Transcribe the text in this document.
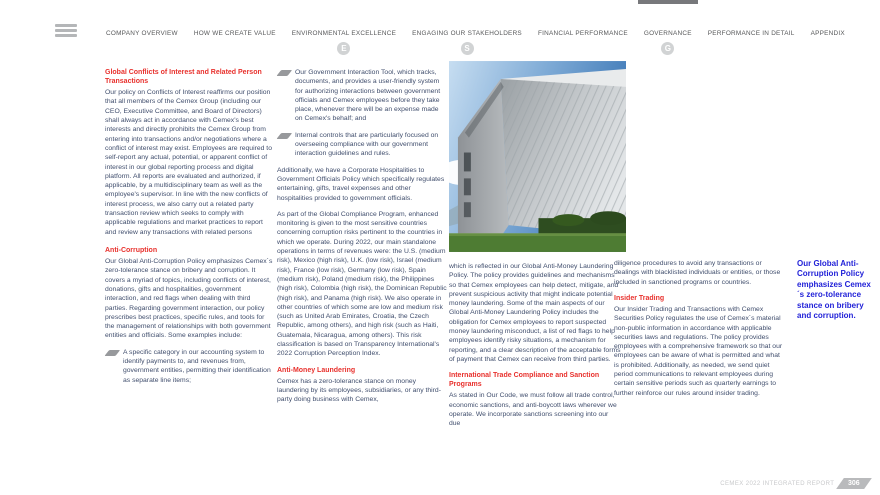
COMPANY OVERVIEW	HOW WE CREATE VALUE	ENVIRONMENTAL EXCELLENCE
E
ENGAGING OUR STAKEHOLDERS
S
FINANCIAL PERFORMANCE	GOVERNANCE
G
PERFORMANCE IN DETAIL	APPENDIX
Global Conflicts of Interest and Related Person Transactions

Our policy on Conflicts of Interest reaffirms our position that all members of the Cemex Group (including our CEO, Executive Committee, and Board of Directors) shall always act in accordance with Cemex's best interests and directly prohibits the Cemex Group from entering into transactions and/or negotiations where a conflict of interest may exist. Employees are required to self-report any actual, potential, or apparent conflict of interest in our global reporting process and digital platform. All reports are evaluated and authorized, if applicable, by a multidisciplinary team as well as the employee's supervisor. In line with the new conflicts of interest process, we also carry out a related party transaction review which seeks to comply with applicable regulations and market practices to report and review any transactions with related persons

Anti-Corruption

Our Global Anti-Corruption Policy emphasizes Cemex´s zero-tolerance stance on bribery and corruption. It covers a myriad of topics, including conflicts of interest, donations, gifts and hospitalities, government interaction, and red flags when dealing with third parties. Regarding government interaction, our policy prescribes best practices, specific rules, and tools for the management of relationships with both government entities and officials. Some examples include:

A specific category in our accounting system to identify payments to, and revenues from, government entities, permitting their identification as separate line items;
Our Government Interaction Tool, which tracks, documents, and provides a user-friendly system for authorizing interactions between government officials and Cemex employees before they take place, whenever there will be an expense made on Cemex's behalf; and
Internal controls that are particularly focused on overseeing compliance with our government interaction guidelines and rules.

Additionally, we have a Corporate Hospitalities to Government Officials Policy which specifically regulates entertaining, gifts, travel expenses and other hospitalities provided to government officials.

As part of the Global Compliance Program, enhanced monitoring is given to the most sensitive countries concerning corruption risks pertinent to the countries in which we operate. During 2022, our main standalone operations in terms of revenues were: the U.S. (medium risk), Mexico (high risk), U.K. (low risk), Israel (medium risk), France (low risk), Germany (low risk), Spain (medium risk), Poland (medium risk), the Philippines (high risk), Colombia (high risk), the Dominican Republic (high risk), and Panama (high risk). We also operate in other countries of which some are low and medium risk (such as United Arab Emirates, Croatia, the Czech Republic, among others), and high risk (such as Haiti, Guatemala, Nicaragua, among others). This risk classification is based on Transparency International's 2022 Corruption Perception Index.

Anti-Money Laundering

Cemex has a zero-tolerance stance on money laundering by its employees, subsidiaries, or any third-party doing business with Cemex,

which is reflected in our Global Anti-Money Laundering Policy. The policy provides guidelines and mechanisms so that Cemex employees can help detect, mitigate, and prevent suspicious activity that might indicate potential money laundering. Some of the main aspects of our Global Anti-Money Laundering Policy includes the obligation for Cemex employees to report suspected money laundering misconduct, a list of red flags to help employees identify risky situations, a mechanism for reporting, and a clear description of the acceptable forms of payment that Cemex can receive from third parties.

International Trade Compliance and Sanction Programs

As stated in Our Code, we must follow all trade control, economic sanctions, and anti-boycott laws wherever we operate. We incorporate sanctions screening into our due

diligence procedures to avoid any transactions or dealings with blacklisted individuals or entities, or those included in sanctioned programs or countries.

Insider Trading

Our Insider Trading and Transactions with Cemex Securities Policy regulates the use of Cemex´s material non-public information in accordance with applicable securities laws and regulations. The policy provides employees with a comprehensive framework so that our employees can be aware of what is permitted and what is prohibited. Additionally, as needed, we send quiet period communications to relevant employees during certain sensitive periods such as quarterly earnings to further reinforce our rules around insider trading.

Our Global Anti-Corruption Policy emphasizes Cemex´s zero-tolerance stance on bribery and corruption.
CEMEX 2022 INTEGRATED REPORT 306
